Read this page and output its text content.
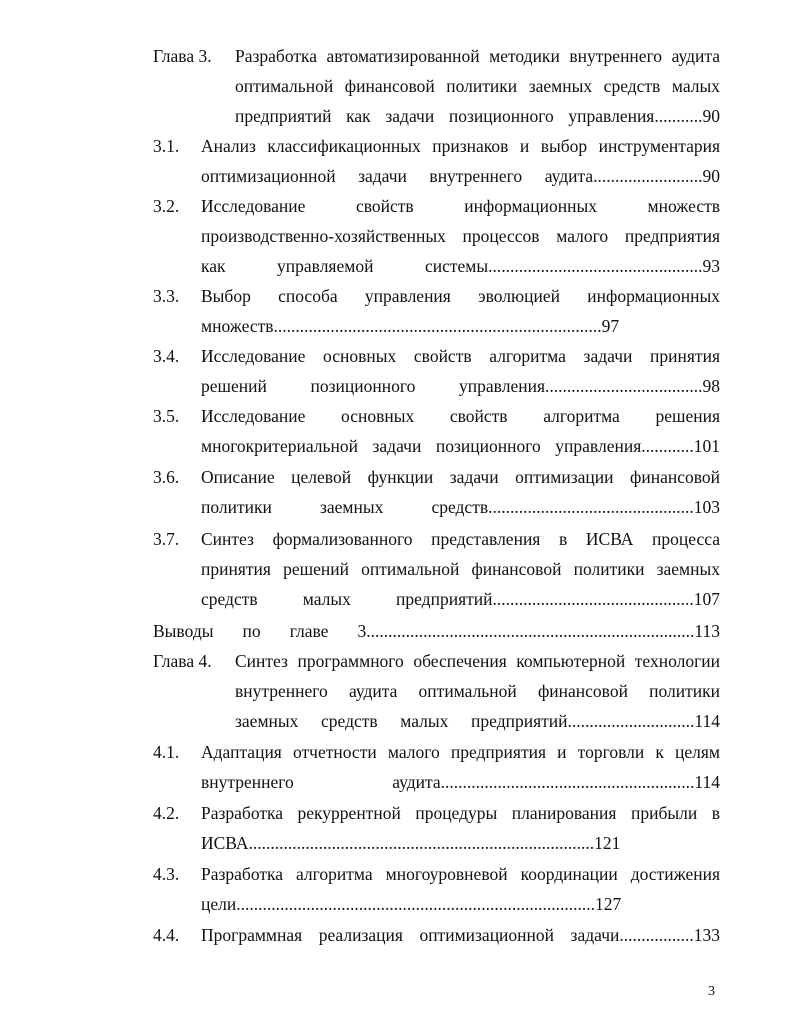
Глава 3.	Разработка автоматизированной методики внутреннего аудита
оптимальной финансовой политики заемных средств малых
предприятий как задачи позиционного управления...........90
3.1. Анализ классификационных признаков и выбор инструментария
оптимизационной задачи внутреннего аудита.........................90
3.2. Исследование свойств информационных множеств
производственно-хозяйственных процессов малого предприятия
как управляемой системы.................................................93
3.3. Выбор способа управления эволюцией информационных
множеств...........................................................................97
3.4. Исследование основных свойств алгоритма задачи принятия
решений позиционного управления....................................98
3.5. Исследование основных свойств алгоритма решения
многокритериальной задачи позиционного управления............101
3.6. Описание целевой функции задачи оптимизации финансовой
политики заемных средств...............................................103
3.7. Синтез формализованного представления в ИСВА процесса
принятия решений оптимальной финансовой политики заемных
средств малых предприятий..............................................107
Выводы по главе 3...........................................................................113
Глава 4.	Синтез программного обеспечения компьютерной технологии
внутреннего аудита оптимальной финансовой политики
заемных средств малых предприятий.............................114
4.1. Адаптация отчетности малого предприятия и торговли к целям
внутреннего аудита..........................................................114
4.2. Разработка рекуррентной процедуры планирования прибыли в
ИСВА...............................................................................121
4.3. Разработка алгоритма многоуровневой координации достижения
цели..................................................................................127
4.4. Программная реализация оптимизационной задачи.................133
3
